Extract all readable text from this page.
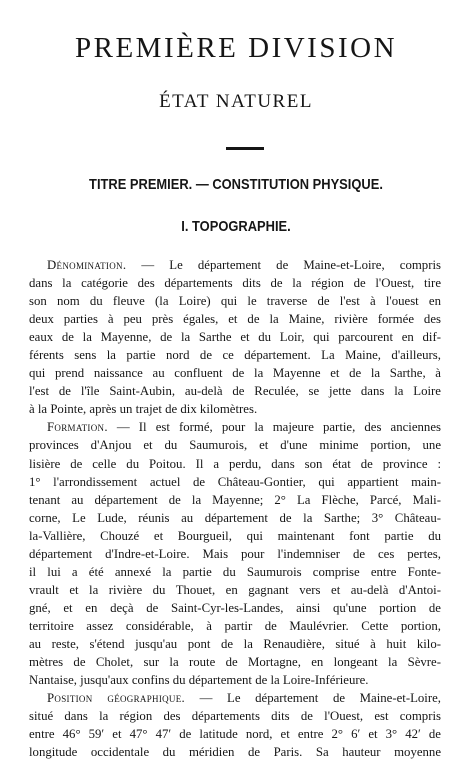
PREMIÈRE DIVISION
ÉTAT NATUREL
TITRE PREMIER. — CONSTITUTION PHYSIQUE.
I. TOPOGRAPHIE.
Dénomination. — Le département de Maine-et-Loire, compris
dans la catégorie des départements dits de la région de l'Ouest, tire
son nom du fleuve (la Loire) qui le traverse de l'est à l'ouest en
deux parties à peu près égales, et de la Maine, rivière formée des
eaux de la Mayenne, de la Sarthe et du Loir, qui parcourent en dif-
férents sens la partie nord de ce département. La Maine, d'ailleurs,
qui prend naissance au confluent de la Mayenne et de la Sarthe, à
l'est de l'île Saint-Aubin, au-delà de Reculée, se jette dans la Loire
à la Pointe, après un trajet de dix kilomètres.
Formation. — Il est formé, pour la majeure partie, des anciennes
provinces d'Anjou et du Saumurois, et d'une minime portion, une
lisière de celle du Poitou. Il a perdu, dans son état de province :
1° l'arrondissement actuel de Château-Gontier, qui appartient main-
tenant au département de la Mayenne; 2° La Flèche, Parcé, Mali-
corne, Le Lude, réunis au département de la Sarthe; 3° Château-
la-Vallière, Chouzé et Bourgueil, qui maintenant font partie du
département d'Indre-et-Loire. Mais pour l'indemniser de ces pertes,
il lui a été annexé la partie du Saumurois comprise entre Fonte-
vrault et la rivière du Thouet, en gagnant vers et au-delà d'Antoi-
gné, et en deçà de Saint-Cyr-les-Landes, ainsi qu'une portion de
territoire assez considérable, à partir de Maulévrier. Cette portion,
au reste, s'étend jusqu'au pont de la Renaudière, situé à huit kilo-
mètres de Cholet, sur la route de Mortagne, en longeant la Sèvre-
Nantaise, jusqu'aux confins du département de la Loire-Inférieure.
Position géographique. — Le département de Maine-et-Loire,
situé dans la région des départements dits de l'Ouest, est compris
entre 46° 59′ et 47° 47′ de latitude nord, et entre 2° 6′ et 3° 42′ de
longitude occidentale du méridien de Paris. Sa hauteur moyenne
